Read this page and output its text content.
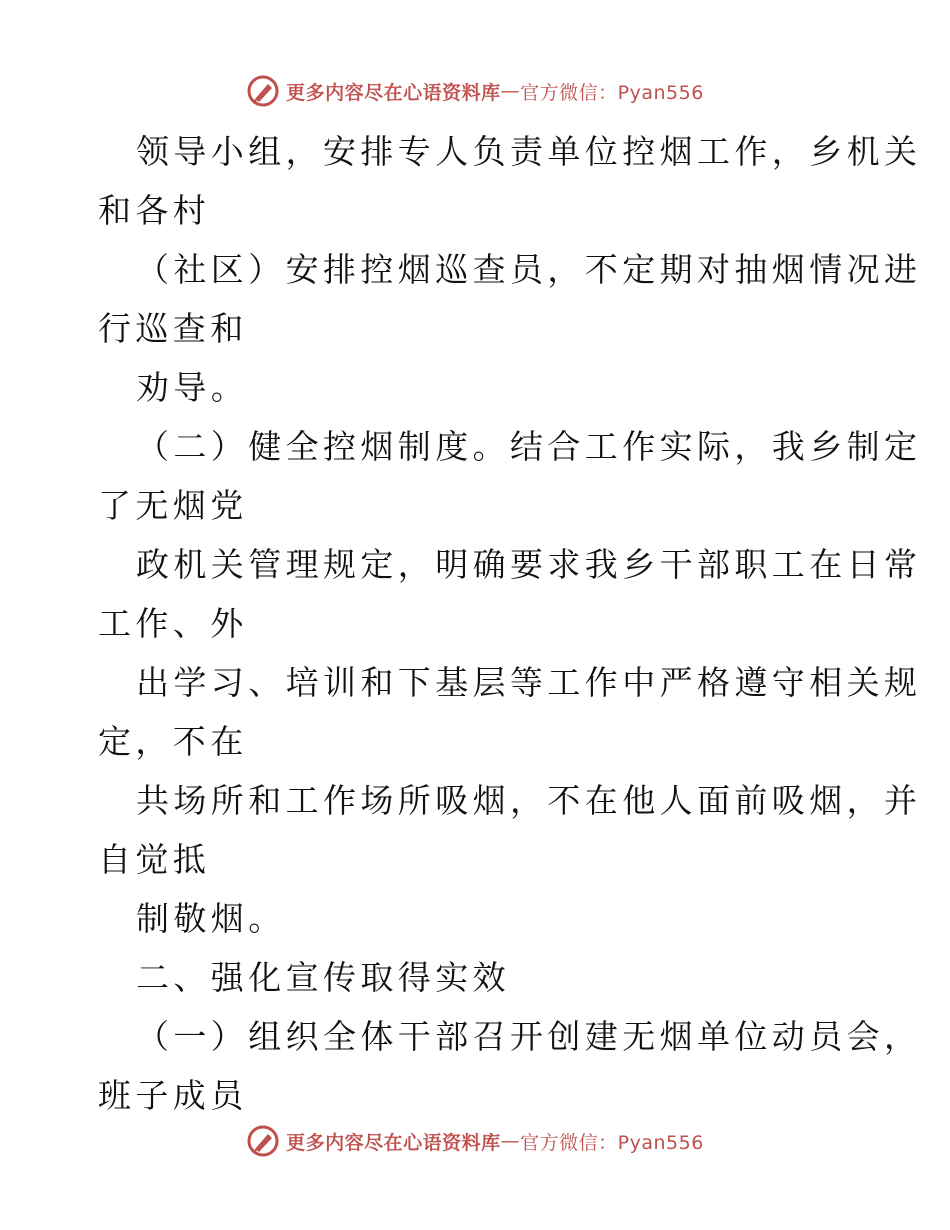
更多内容尽在心语资料库 — 官方微信：Pyan556
领导小组，安排专人负责单位控烟工作，乡机关
和各村
（社区）安排控烟巡查员，不定期对抽烟情况进
行巡查和
劝导。
（二）健全控烟制度。结合工作实际，我乡制定
了无烟党
政机关管理规定，明确要求我乡干部职工在日常
工作、外
出学习、培训和下基层等工作中严格遵守相关规
定，不在
共场所和工作场所吸烟，不在他人面前吸烟，并
自觉抵
制敬烟。
二、强化宣传取得实效
（一）组织全体干部召开创建无烟单位动员会，
班子成员
更多内容尽在心语资料库 — 官方微信：Pyan556
